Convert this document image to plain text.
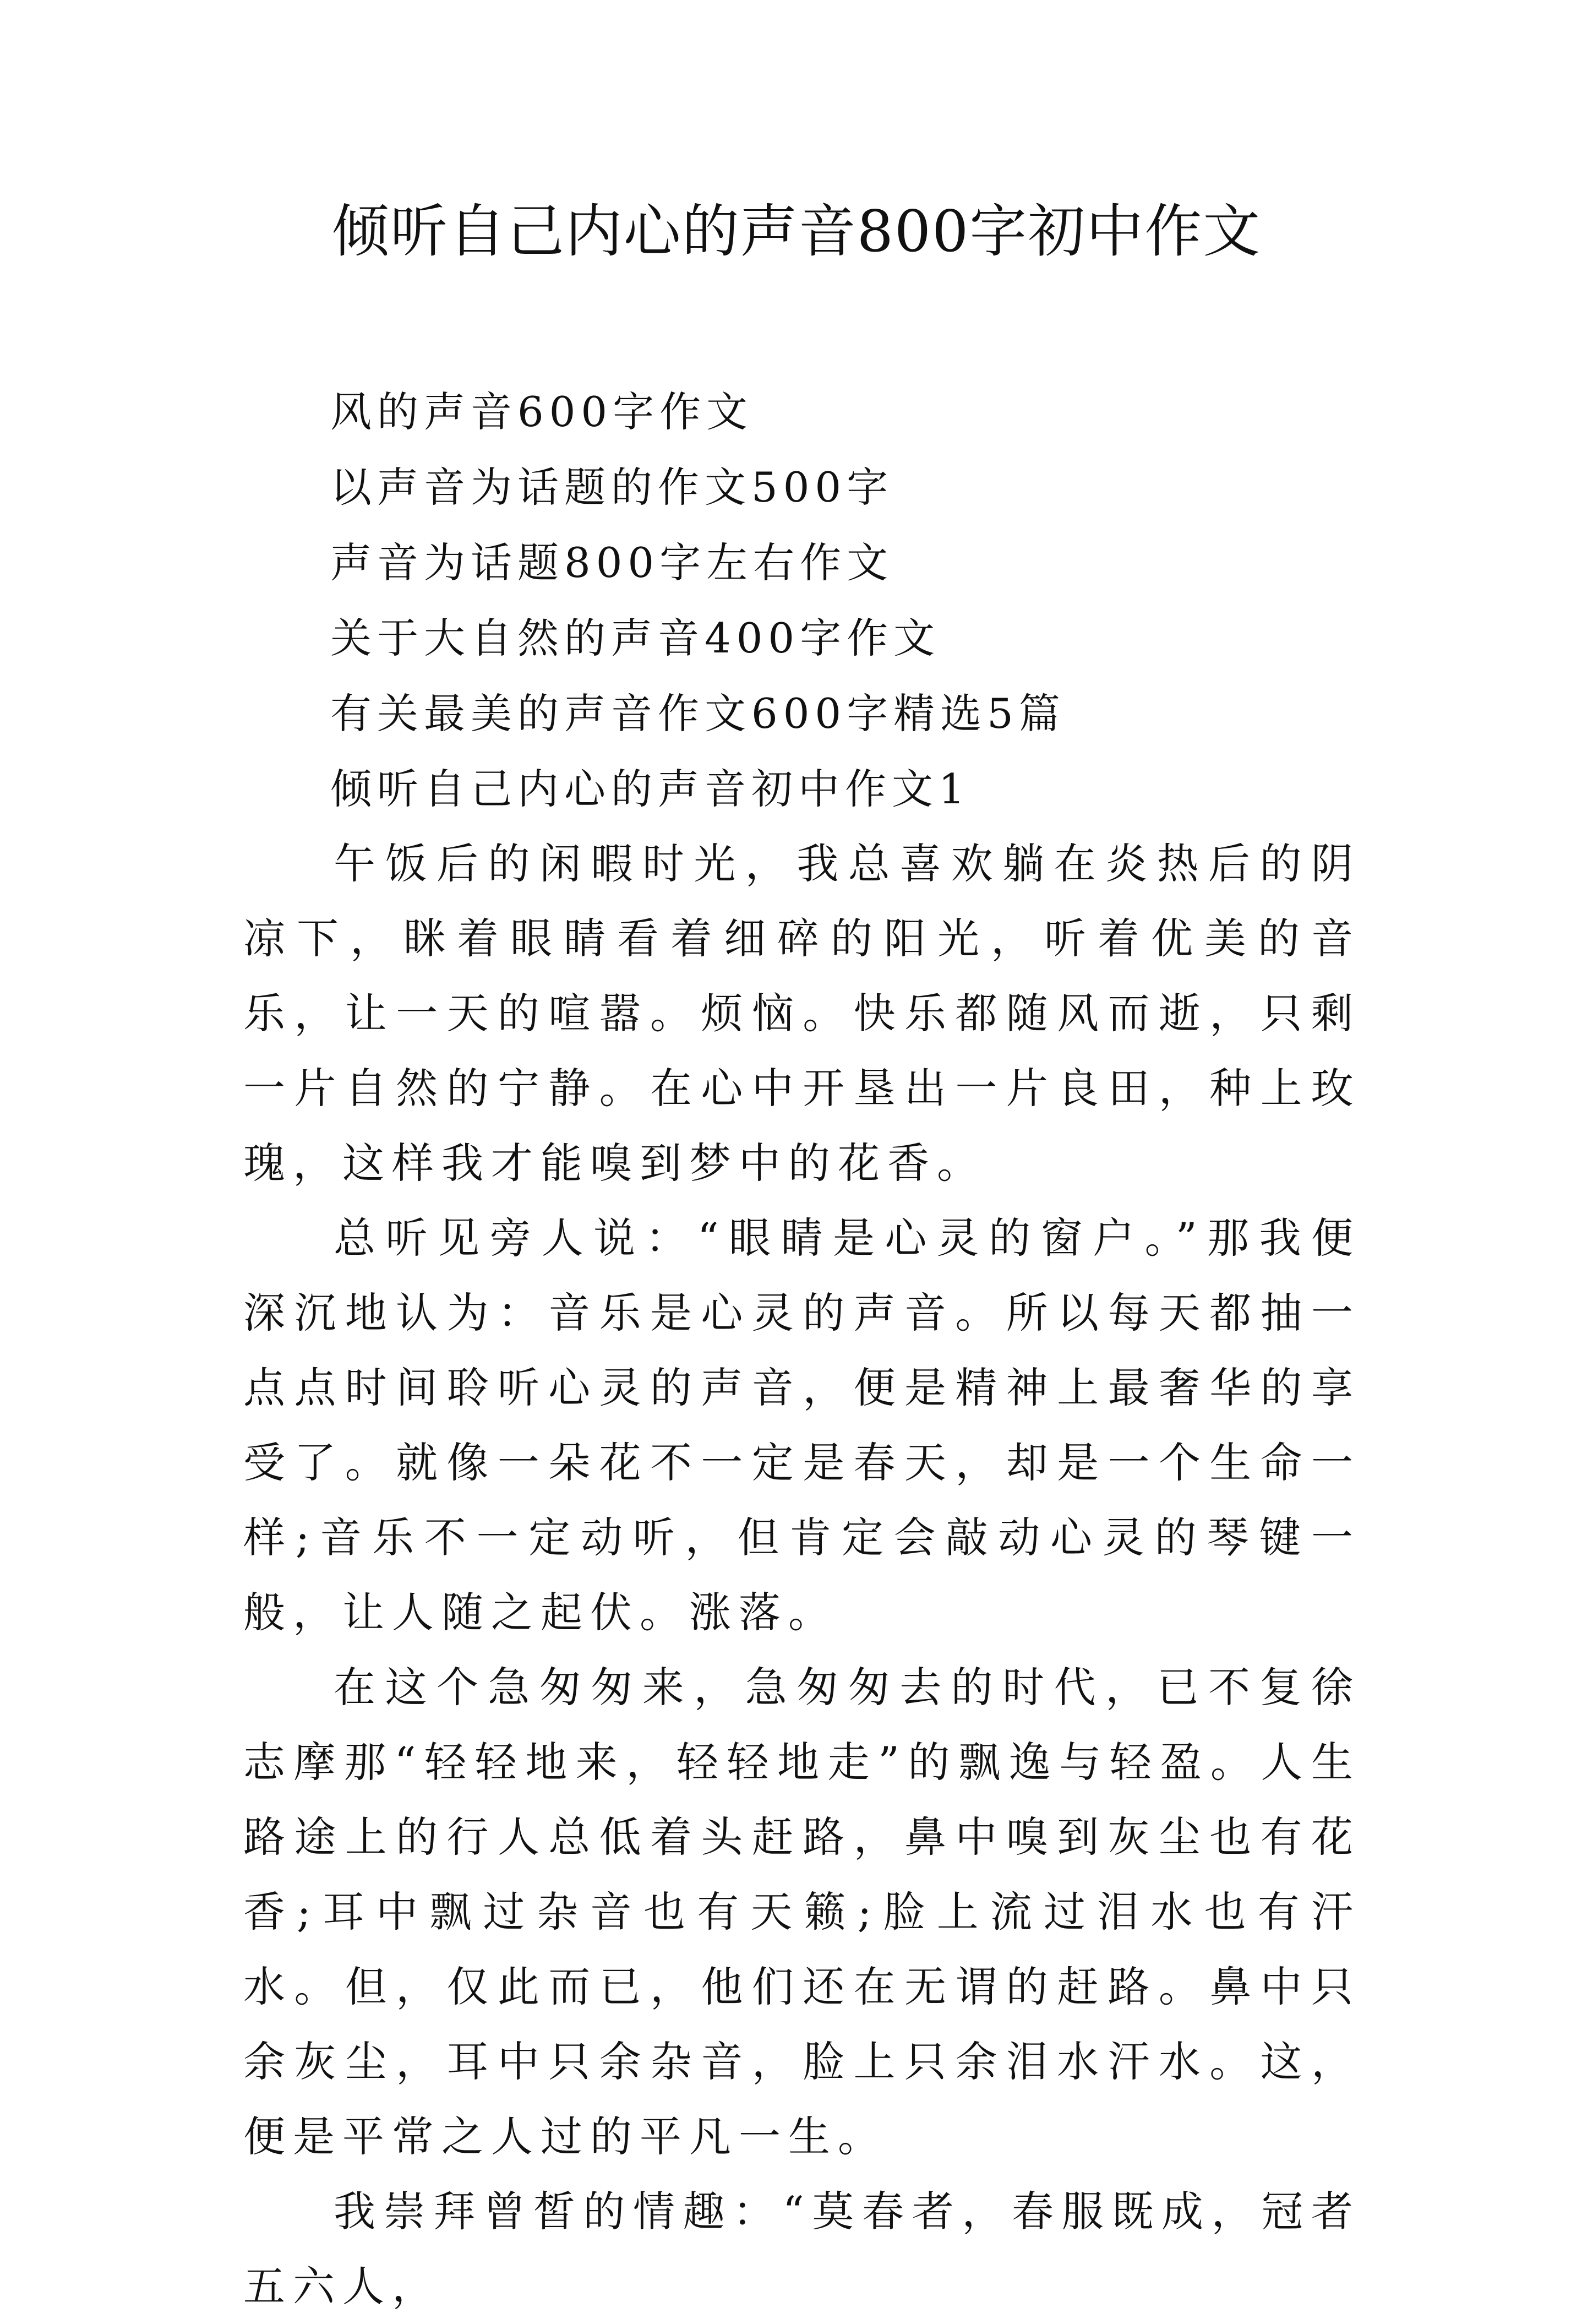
倾听自己内心的声音800字初中作文
风的声音600字作文
以声音为话题的作文500字
声音为话题800字左右作文
关于大自然的声音400字作文
有关最美的声音作文600字精选5篇
倾听自己内心的声音初中作文1

午饭后的闲暇时光，我总喜欢躺在炎热后的阴凉下，眯着眼睛看着细碎的阳光，听着优美的音乐，让一天的喧嚣。烦恼。快乐都随风而逝，只剩一片自然的宁静。在心中开垦出一片良田，种上玫瑰，这样我才能嗅到梦中的花香。

总听见旁人说：“眼睛是心灵的窗户。”那我便深沉地认为：音乐是心灵的声音。所以每天都抽一点点时间聆听心灵的声音，便是精神上最奢华的享受了。就像一朵花不一定是春天，却是一个生命一样;音乐不一定动听，但肯定会敲动心灵的琴键一般，让人随之起伏。涨落。

在这个急匆匆来，急匆匆去的时代，已不复徐志摩那“轻轻地来，轻轻地走”的飘逸与轻盈。人生路途上的行人总低着头赶路，鼻中嗅到灰尘也有花香;耳中飘过杂音也有天籁;脸上流过泪水也有汗水。但，仅此而已，他们还在无谓的赶路。鼻中只余灰尘，耳中只余杂音，脸上只余泪水汗水。这，便是平常之人过的平凡一生。

我崇拜曾皙的情趣：“莫春者，春服既成，冠者五六人，
